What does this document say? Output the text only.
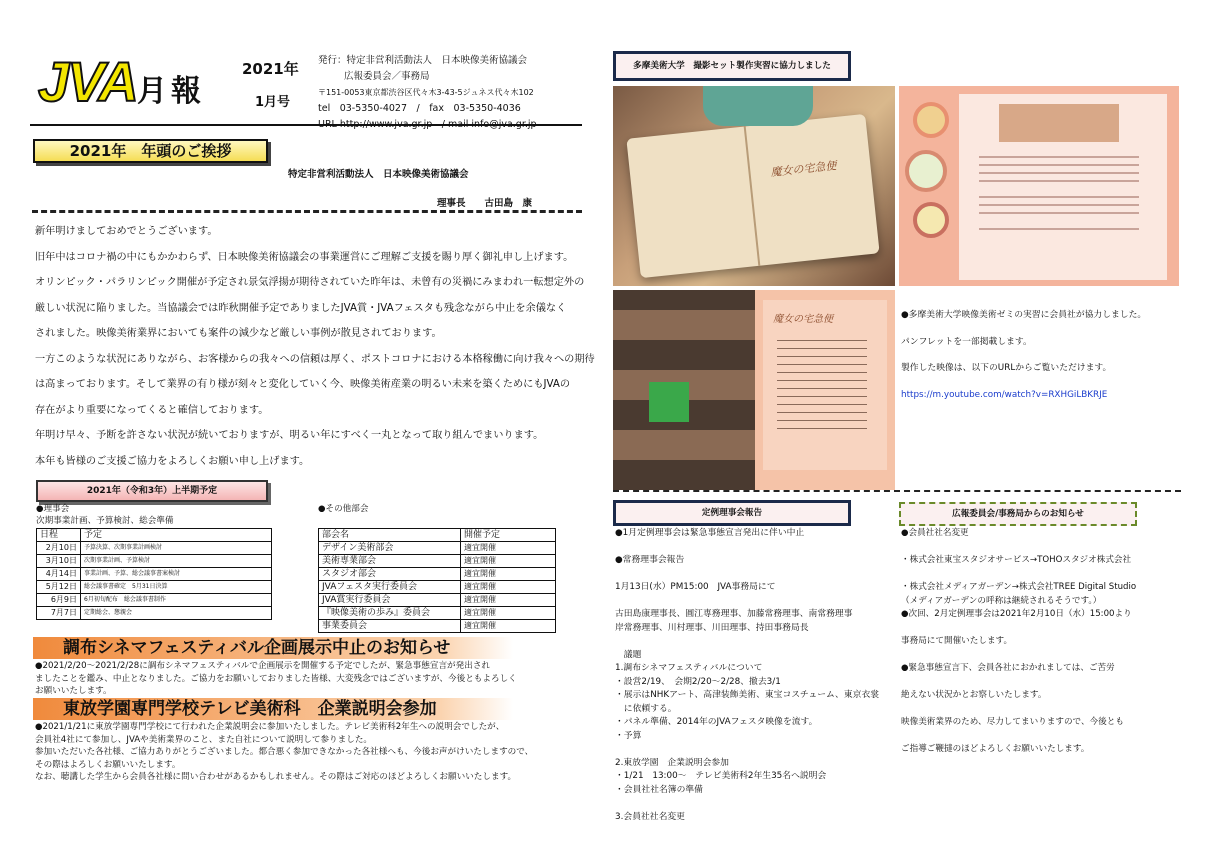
JVA 月報
2021年
1月号
発行：特定非営利活動法人　日本映像美術協議会
広報委員会／事務局
〒151-0053東京都渋谷区代々木3-43-5ジュネス代々木102
tel　03-5350-4027　/　fax　03-5350-4036
2021年　年頭のご挨拶
特定非営利活動法人　日本映像美術協議会
理事長　　古田島　康
新年明けましておめでとうございます。
旧年中はコロナ禍の中にもかかわらず、日本映像美術協議会の事業運営にご理解ご支援を賜り厚く御礼申し上げます。
オリンピック・パラリンピック開催が予定され景気浮揚が期待されていた昨年は、未曾有の災禍にみまわれ一転想定外の
厳しい状況に陥りました。当協議会では昨秋開催予定でありましたJVA賞・JVAフェスタも残念ながら中止を余儀なく
されました。映像美術業界においても案件の減少など厳しい事例が散見されております。
一方このような状況にありながら、お客様からの我々への信頼は厚く、ポストコロナにおける本格稼働に向け我々への期待
は高まっております。そして業界の有り様が刻々と変化していく今、映像美術産業の明るい未来を築くためにもJVAの
存在がより重要になってくると確信しております。
年明け早々、予断を許さない状況が続いておりますが、明るい年にすべく一丸となって取り組んでまいります。
本年も皆様のご支援ご協力をよろしくお願い申し上げます。
2021年（令和3年）上半期予定
●理事会
次期事業計画、予算検討、総会準備
日程	予定
2月10日	予算決算、次期事業計画検討
3月10日	次期事業計画、予算検討
4月14日	事業計画、予算、総会議事書案検討
5月12日	総会議事書確定　5月31日決算
6月9日	6月初旬配布　総会議事書制作
7月7日	定期総会、懇親会
●その他部会
部会名	開催予定
デザイン美術部会	適宜開催
美術専業部会	適宜開催
スタジオ部会	適宜開催
JVAフェスタ実行委員会	適宜開催
JVA賞実行委員会	適宜開催
『映像美術の歩み』委員会	適宜開催
事業委員会	適宜開催
調布シネマフェスティバル企画展示中止のお知らせ
●2021/2/20～2021/2/28に調布シネマフェスティバルで企画展示を開催する予定でしたが、緊急事態宣言が発出され
ましたことを鑑み、中止となりました。ご協力をお願いしておりました皆様、大変残念ではございますが、今後ともよろしく
お願いいたします。
東放学園専門学校テレビ美術科　企業説明会参加
●2021/1/21に東放学園専門学校にて行われた企業説明会に参加いたしました。テレビ美術科2年生への説明会でしたが、
会員社4社にて参加し、JVAや美術業界のこと、また自社について説明して参りました。
参加いただいた各社様、ご協力ありがとうございました。都合悪く参加できなかった各社様へも、今後お声がけいたしますので、
その際はよろしくお願いいたします。
なお、聴講した学生から会員各社様に問い合わせがあるかもしれません。その際はご対応のほどよろしくお願いいたします。
多摩美術大学　撮影セット製作実習に協力しました
魔女の宅急便
魔女の宅急便	●多摩美術大学映像美術ゼミの実習に会員社が協力しました。
パンフレットを一部掲載します。
製作した映像は、以下のURLからご覧いただけます。
https://m.youtube.com/watch?v=RXHGiLBKRJE
定例理事会報告
●1月定例理事会は緊急事態宣言発出に伴い中止

●常務理事会報告

1月13日(水）PM15:00　JVA事務局にて

古田島康理事長、圓江専務理事、加藤常務理事、南常務理事
岸常務理事、川村理事、川田理事、持田事務局長

　議題
1.調布シネマフェスティバルについて
・設営2/19、　会期2/20～2/28、撤去3/1
・展示はNHKアート、高津装飾美術、東宝コスチューム、東京衣裳
　に依頼する。
・パネル準備、2014年のJVAフェスタ映像を流す。
・予算

2.東放学園　企業説明会参加
・1/21　13:00～　テレビ美術科2年生35名へ説明会
・会員社社名簿の準備

3.会員社社名変更

広報委員会/事務局からのお知らせ
●会員社社名変更

・株式会社東宝スタジオサービス→TOHOスタジオ株式会社

・株式会社メディアガーデン→株式会社TREE Digital Studio
（メディアガーデンの呼称は継続されるそうです。）
●次回、2月定例理事会は2021年2月10日（水）15:00より

事務局にて開催いたします。

●緊急事態宣言下、会員各社におかれましては、ご苦労

絶えない状況かとお察しいたします。

映像美術業界のため、尽力してまいりますので、今後とも

ご指導ご鞭撻のほどよろしくお願いいたします。
